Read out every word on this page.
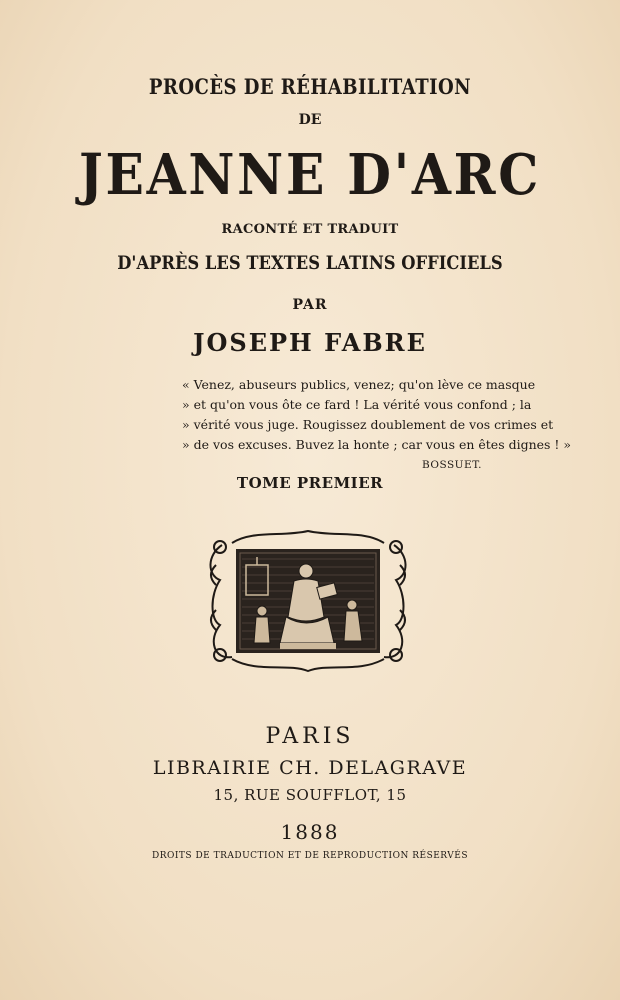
PROCÈS DE RÉHABILITATION
DE
JEANNE D'ARC
RACONTÉ ET TRADUIT
D'APRÈS LES TEXTES LATINS OFFICIELS
PAR
JOSEPH FABRE
« Venez, abuseurs publics, venez; qu'on lève ce masque
» et qu'on vous ôte ce fard ! La vérité vous confond ; la
» vérité vous juge. Rougissez doublement de vos crimes et
» de vos excuses. Buvez la honte ; car vous en êtes dignes ! »
BOSSUET.
TOME PREMIER
PARIS
LIBRAIRIE CH. DELAGRAVE
15, RUE SOUFFLOT, 15
1888
DROITS DE TRADUCTION ET DE REPRODUCTION RÉSERVÉS
